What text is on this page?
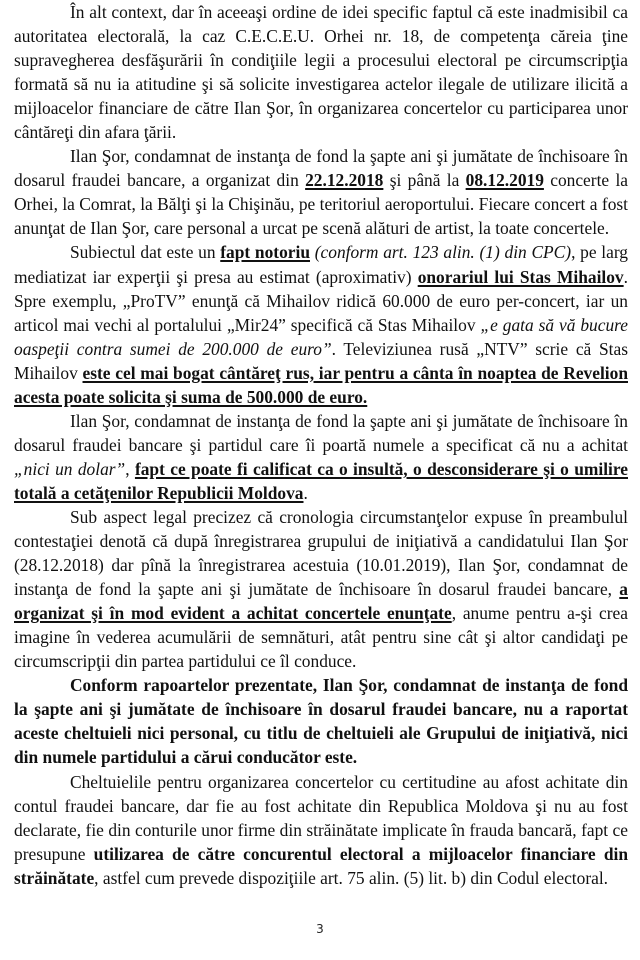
În alt context, dar în aceeaşi ordine de idei specific faptul că este inadmisibil ca autoritatea electorală, la caz C.E.C.E.U. Orhei nr. 18, de competenţa căreia ţine supravegherea desfăşurării în condiţiile legii a procesului electoral pe circumscripţia formată să nu ia atitudine şi să solicite investigarea actelor ilegale de utilizare ilicită a mijloacelor financiare de către Ilan Şor, în organizarea concertelor cu participarea unor cântăreţi din afara ţării.

Ilan Şor, condamnat de instanţa de fond la şapte ani şi jumătate de închisoare în dosarul fraudei bancare, a organizat din 22.12.2018 şi până la 08.12.2019 concerte la Orhei, la Comrat, la Bălţi şi la Chişinău, pe teritoriul aeroportului. Fiecare concert a fost anunţat de Ilan Şor, care personal a urcat pe scenă alături de artist, la toate concertele.

Subiectul dat este un fapt notoriu (conform art. 123 alin. (1) din CPC), pe larg mediatizat iar experţii şi presa au estimat (aproximativ) onorariul lui Stas Mihailov. Spre exemplu, „ProTV” enunţă că Mihailov ridică 60.000 de euro per-concert, iar un articol mai vechi al portalului „Mir24” specifică că Stas Mihailov „e gata să vă bucure oaspeţii contra sumei de 200.000 de euro”. Televiziunea rusă „NTV” scrie că Stas Mihailov este cel mai bogat cântăreţ rus, iar pentru a cânta în noaptea de Revelion acesta poate solicita şi suma de 500.000 de euro.

Ilan Şor, condamnat de instanţa de fond la şapte ani şi jumătate de închisoare în dosarul fraudei bancare şi partidul care îi poartă numele a specificat că nu a achitat „nici un dolar”, fapt ce poate fi calificat ca o insultă, o desconsiderare şi o umilire totală a cetăţenilor Republicii Moldova.

Sub aspect legal precizez că cronologia circumstanţelor expuse în preambulul contestaţiei denotă că după înregistrarea grupului de iniţiativă a candidatului Ilan Şor (28.12.2018) dar pînă la înregistrarea acestuia (10.01.2019), Ilan Şor, condamnat de instanţa de fond la şapte ani şi jumătate de închisoare în dosarul fraudei bancare, a organizat şi în mod evident a achitat concertele enunţate, anume pentru a-şi crea imagine în vederea acumulării de semnături, atât pentru sine cât şi altor candidaţi pe circumscripţii din partea partidului ce îl conduce.

Conform rapoartelor prezentate, Ilan Şor, condamnat de instanţa de fond la şapte ani şi jumătate de închisoare în dosarul fraudei bancare, nu a raportat aceste cheltuieli nici personal, cu titlu de cheltuieli ale Grupului de iniţiativă, nici din numele partidului a cărui conducător este.

Cheltuielile pentru organizarea concertelor cu certitudine au afost achitate din contul fraudei bancare, dar fie au fost achitate din Republica Moldova şi nu au fost declarate, fie din conturile unor firme din străinătate implicate în frauda bancară, fapt ce presupune utilizarea de către concurentul electoral a mijloacelor financiare din străinătate, astfel cum prevede dispoziţiile art. 75 alin. (5) lit. b) din Codul electoral.

3
